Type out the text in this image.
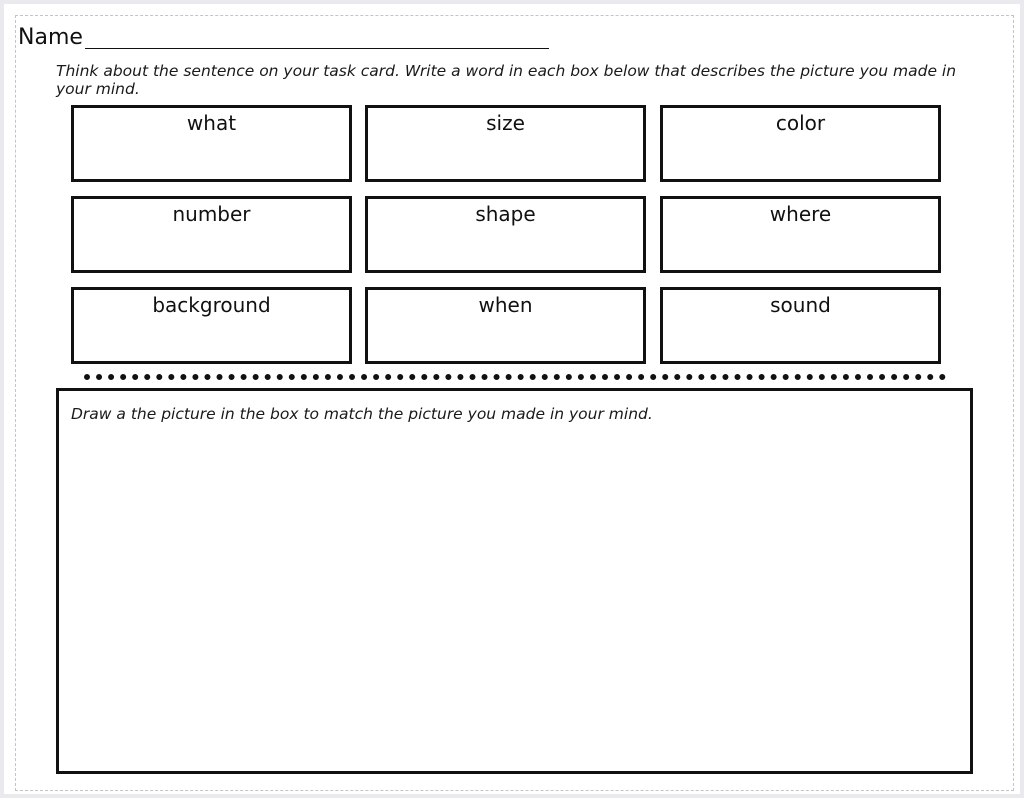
Name
Think about the sentence on your task card. Write a word in each box below that describes the picture you made in your mind.
what	size	color
number	shape	where
background	when	sound
Draw a the picture in the box to match the picture you made in your mind.
